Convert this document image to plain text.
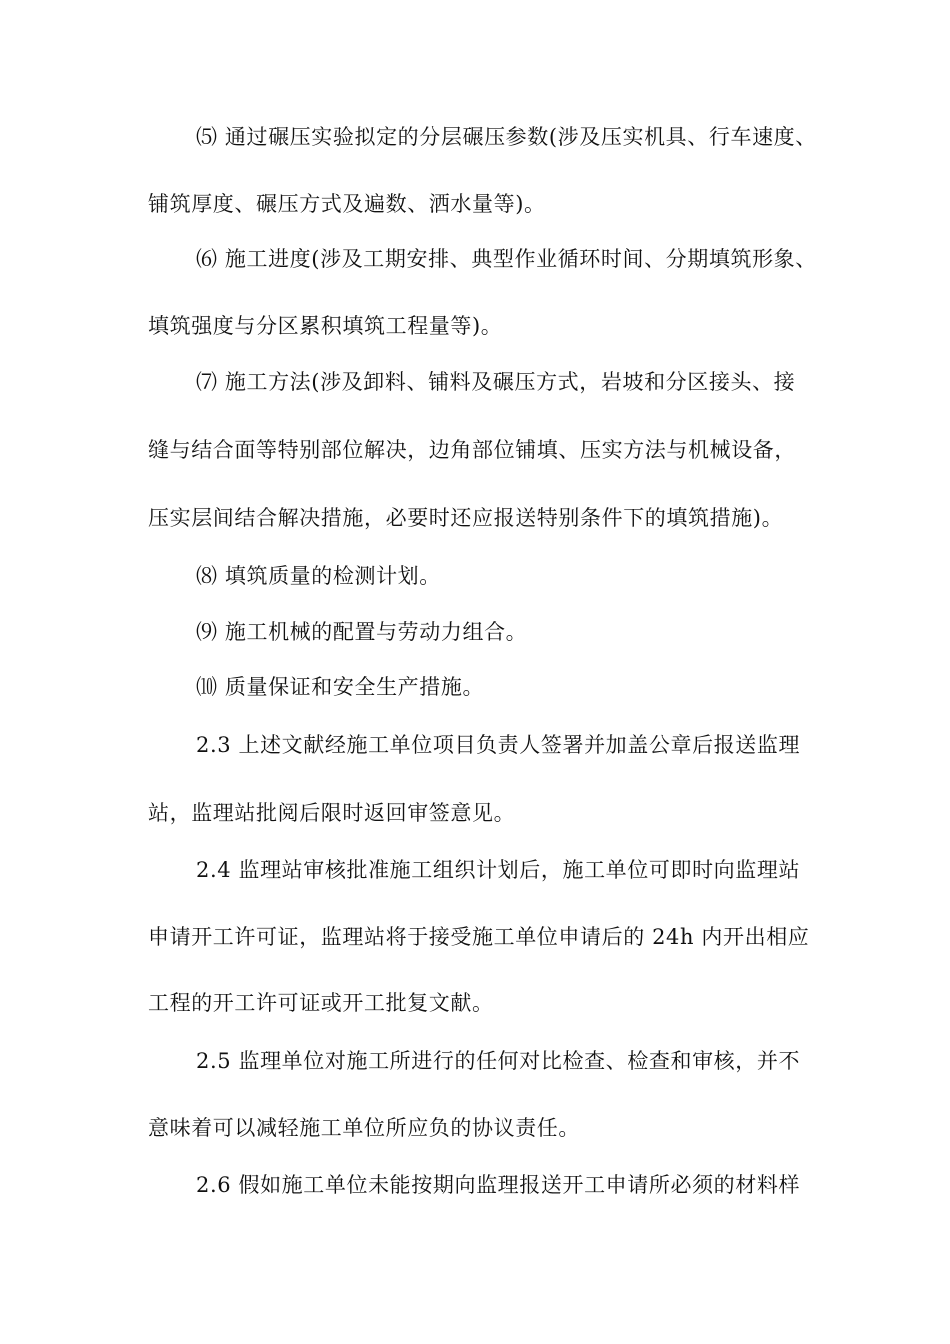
⑸ 通过碾压实验拟定的分层碾压参数(涉及压实机具、行车速度、
铺筑厚度、碾压方式及遍数、洒水量等)。
⑹ 施工进度(涉及工期安排、典型作业循环时间、分期填筑形象、
填筑强度与分区累积填筑工程量等)。
⑺ 施工方法(涉及卸料、铺料及碾压方式，岩坡和分区接头、接
缝与结合面等特别部位解决，边角部位铺填、压实方法与机械设备，
压实层间结合解决措施，必要时还应报送特别条件下的填筑措施)。
⑻ 填筑质量的检测计划。
⑼ 施工机械的配置与劳动力组合。
⑽ 质量保证和安全生产措施。
2.3 上述文献经施工单位项目负责人签署并加盖公章后报送监理
站，监理站批阅后限时返回审签意见。
2.4 监理站审核批准施工组织计划后，施工单位可即时向监理站
申请开工许可证，监理站将于接受施工单位申请后的 24h 内开出相应
工程的开工许可证或开工批复文献。
2.5 监理单位对施工所进行的任何对比检查、检查和审核，并不
意味着可以减轻施工单位所应负的协议责任。
2.6 假如施工单位未能按期向监理报送开工申请所必须的材料样
